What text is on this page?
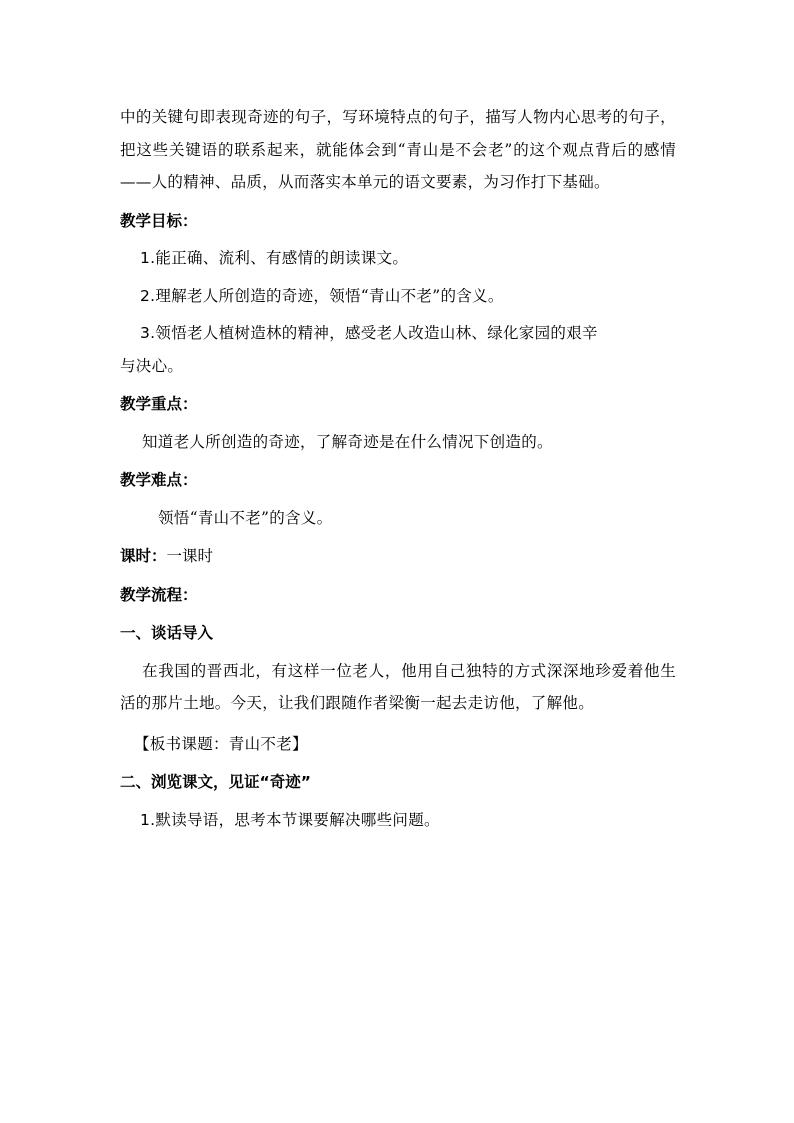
中的关键句即表现奇迹的句子，写环境特点的句子，描写人物内心思考的句子，把这些关键语的联系起来，就能体会到“青山是不会老”的这个观点背后的感情——人的精神、品质，从而落实本单元的语文要素，为习作打下基础。

教学目标：
1.能正确、流利、有感情的朗读课文。
2.理解老人所创造的奇迹，领悟“青山不老”的含义。
3.领悟老人植树造林的精神，感受老人改造山林、绿化家园的艰辛
与决心。
教学重点：

知道老人所创造的奇迹，了解奇迹是在什么情况下创造的。

教学难点：

领悟“青山不老”的含义。

课时：一课时
教学流程：
一、谈话导入

在我国的晋西北，有这样一位老人，他用自己独特的方式深深地珍爱着他生活的那片土地。今天，让我们跟随作者梁衡一起去走访他，了解他。

【板书课题：青山不老】

二、浏览课文，见证“奇迹”
1.默读导语，思考本节课要解决哪些问题。
